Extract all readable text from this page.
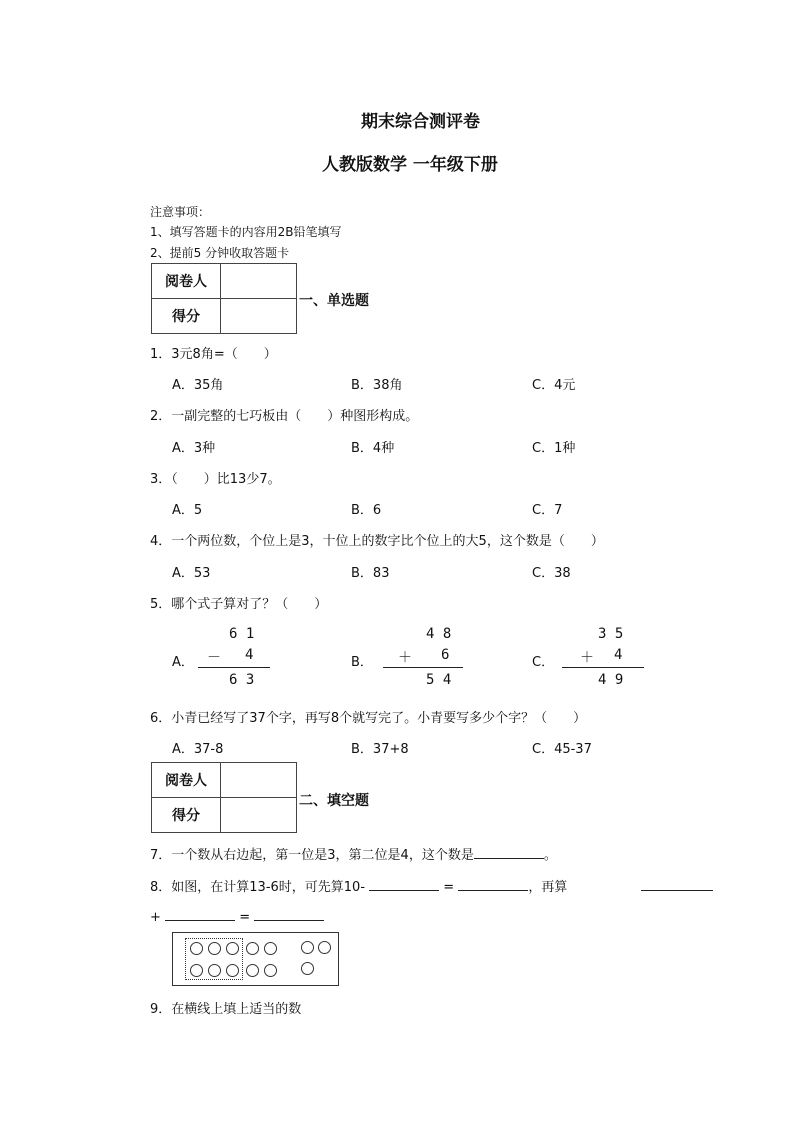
期末综合测评卷
人教版数学 一年级下册
注意事项：
1、填写答题卡的内容用2B铅笔填写
2、提前5 分钟收取答题卡
阅卷人	
得分	
一、单选题
1．3元8角=（　　）
A．35角	B．38角	C．4元
2．一副完整的七巧板由（　　）种图形构成。
A．3种	B．4种	C．1种
3．（　　）比13少7。
A．5	B．6	C．7
4．一个两位数，个位上是3，十位上的数字比个位上的大5，这个数是（　　）
A．53	B．83	C．38
5．哪个式子算对了？（　　）
A．	B．	C．
6 1
－ 4
6 3
4 8
＋ 6
5 4
3 5
＋ 4
4 9
6．小青已经写了37个字，再写8个就写完了。小青要写多少个字？（　　）
A．37-8	B．37+8	C．45-37
阅卷人	
得分	
二、填空题
7．一个数从右边起，第一位是3，第二位是4，这个数是	。
8．如图，在计算13-6时，可先算10-	=	，再算
+	=
9．在横线上填上适当的数
